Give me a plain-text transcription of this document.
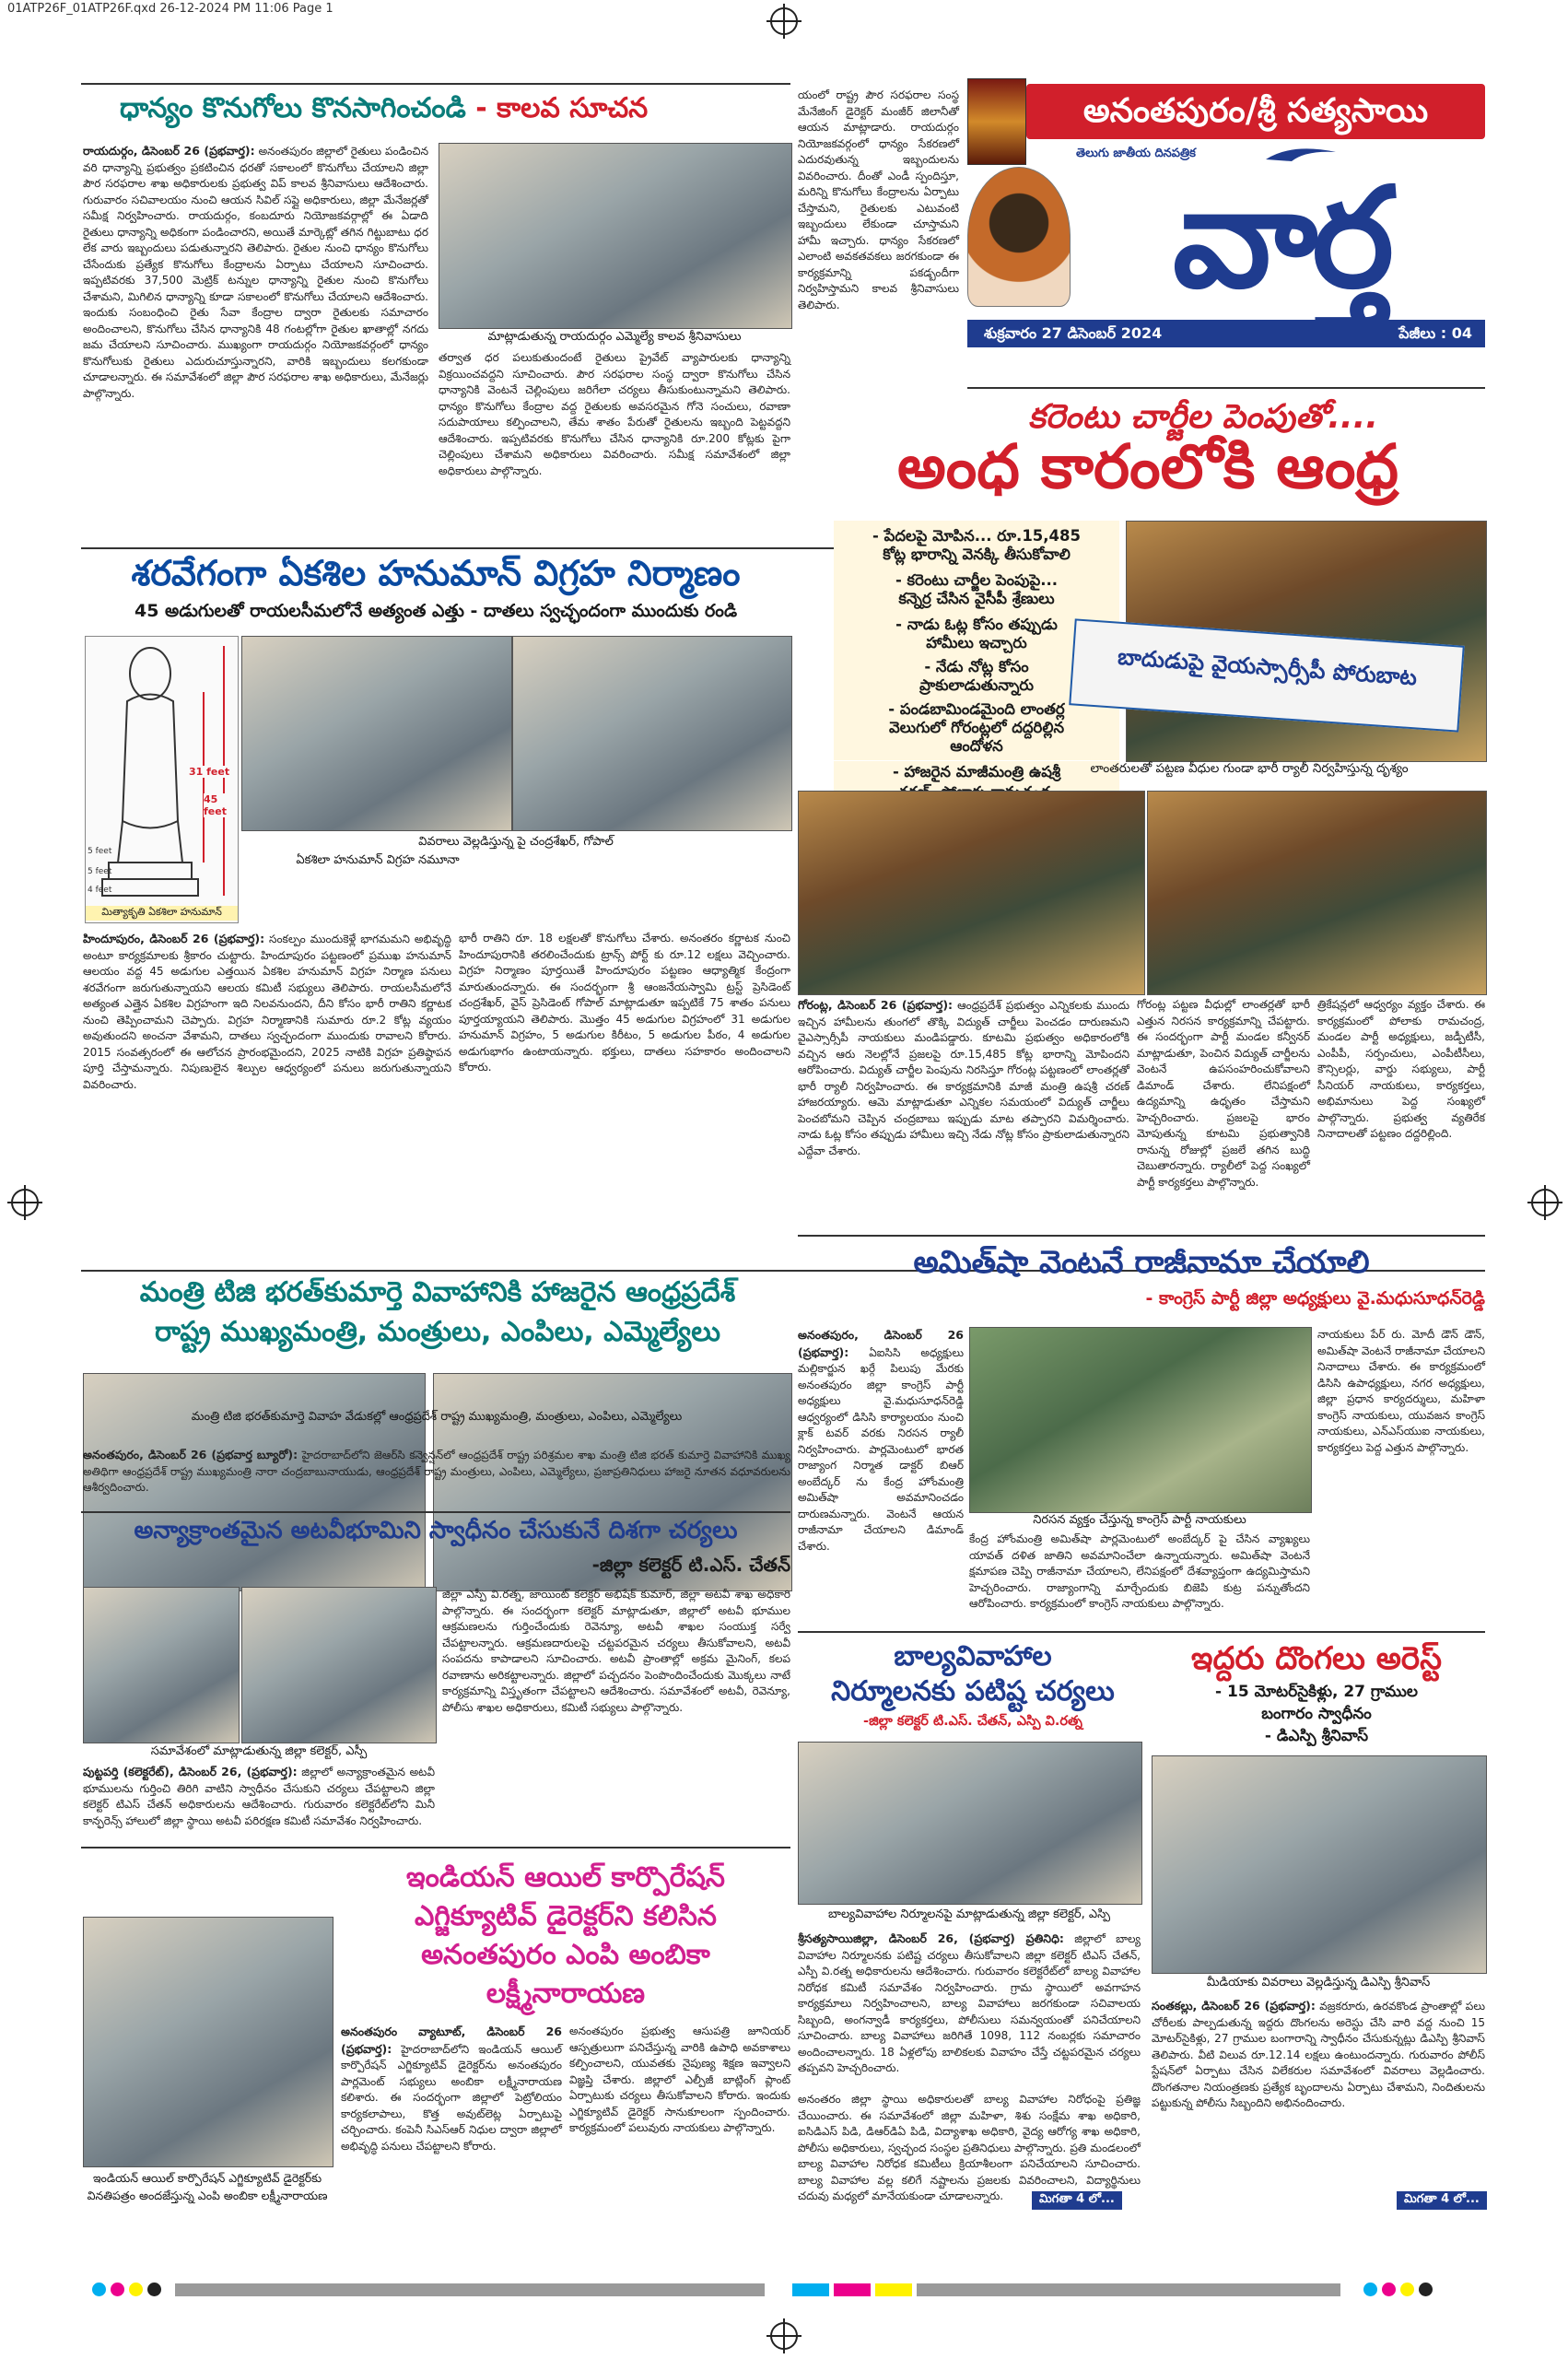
01ATP26F_01ATP26F.qxd 26-12-2024 PM 11:06 Page 1
అనంతపురం/శ్రీ సత్యసాయి
తెలుగు జాతీయ దినపత్రిక
వార్త
శుక్రవారం 27 డిసెంబర్ 2024	పేజీలు : 04
ధాన్యం కొనుగోలు కొనసాగించండి - కాలవ సూచన
రాయదుర్గం, డిసెంబర్ 26 (ప్రభవార్త): అనంతపురం జిల్లాలో రైతులు పండించిన వరి ధాన్యాన్ని ప్రభుత్వం ప్రకటించిన ధరతో సకాలంలో కొనుగోలు చేయాలని జిల్లా పౌర సరఫరాల శాఖ అధికారులకు ప్రభుత్వ విప్ కాలవ శ్రీనివాసులు ఆదేశించారు. గురువారం సచివాలయం నుంచి ఆయన సివిల్ సప్లై అధికారులు, జిల్లా మేనేజర్లతో సమీక్ష నిర్వహించారు. రాయదుర్గం, కంబదూరు నియోజకవర్గాల్లో ఈ ఏడాది రైతులు ధాన్యాన్ని అధికంగా పండించారని, అయితే మార్కెట్లో తగిన గిట్టుబాటు ధర లేక వారు ఇబ్బందులు పడుతున్నారని తెలిపారు. రైతుల నుంచి ధాన్యం కొనుగోలు చేసేందుకు ప్రత్యేక కొనుగోలు కేంద్రాలను ఏర్పాటు చేయాలని సూచించారు. ఇప్పటివరకు 37,500 మెట్రిక్ టన్నుల ధాన్యాన్ని రైతుల నుంచి కొనుగోలు చేశామని, మిగిలిన ధాన్యాన్ని కూడా సకాలంలో కొనుగోలు చేయాలని ఆదేశించారు. ఇందుకు సంబంధించి రైతు సేవా కేంద్రాల ద్వారా రైతులకు సమాచారం అందించాలని, కొనుగోలు చేసిన ధాన్యానికి 48 గంటల్లోగా రైతుల ఖాతాల్లో నగదు జమ చేయాలని సూచించారు. ముఖ్యంగా రాయదుర్గం నియోజకవర్గంలో ధాన్యం కొనుగోలుకు రైతులు ఎదురుచూస్తున్నారని, వారికి ఇబ్బందులు కలగకుండా చూడాలన్నారు. ఈ సమావేశంలో జిల్లా పౌర సరఫరాల శాఖ అధికారులు, మేనేజర్లు పాల్గొన్నారు.
మాట్లాడుతున్న రాయదుర్గం ఎమ్మెల్యే కాలవ శ్రీనివాసులు
తర్వాత ధర పలుకుతుందంటే రైతులు ప్రైవేట్ వ్యాపారులకు ధాన్యాన్ని విక్రయించవద్దని సూచించారు. పౌర సరఫరాల సంస్థ ద్వారా కొనుగోలు చేసిన ధాన్యానికి వెంటనే చెల్లింపులు జరిగేలా చర్యలు తీసుకుంటున్నామని తెలిపారు. ధాన్యం కొనుగోలు కేంద్రాల వద్ద రైతులకు అవసరమైన గోనె సంచులు, రవాణా సదుపాయాలు కల్పించాలని, తేమ శాతం పేరుతో రైతులను ఇబ్బంది పెట్టవద్దని ఆదేశించారు. ఇప్పటివరకు కొనుగోలు చేసిన ధాన్యానికి రూ.200 కోట్లకు పైగా చెల్లింపులు చేశామని అధికారులు వివరించారు. సమీక్ష సమావేశంలో జిల్లా అధికారులు పాల్గొన్నారు.
యంలో రాష్ట్ర పౌర సరఫరాల సంస్థ మేనేజింగ్ డైరెక్టర్ మంజీర్ జిలానీతో ఆయన మాట్లాడారు. రాయదుర్గం నియోజకవర్గంలో ధాన్యం సేకరణలో ఎదురవుతున్న ఇబ్బందులను వివరించారు. దీంతో ఎండీ స్పందిస్తూ, మరిన్ని కొనుగోలు కేంద్రాలను ఏర్పాటు చేస్తామని, రైతులకు ఎటువంటి ఇబ్బందులు లేకుండా చూస్తామని హామీ ఇచ్చారు. ధాన్యం సేకరణలో ఎలాంటి అవకతవకలు జరగకుండా ఈ కార్యక్రమాన్ని పకడ్బందీగా నిర్వహిస్తామని కాలవ శ్రీనివాసులు తెలిపారు.
కరెంటు చార్జీల పెంపుతో....
అంధ కారంలోకి ఆంధ్ర
- పేదలపై మోపిన... రూ.15,485
కోట్ల భారాన్ని వెనక్కి తీసుకోవాలి
- కరెంటు చార్జీల పెంపుపై...
కన్నెర్ర చేసిన వైసీపీ శ్రేణులు
- నాడు ఓట్ల కోసం తప్పుడు
హామీలు ఇచ్చారు
- నేడు నోట్ల కోసం
ప్రాకులాడుతున్నారు
- పండబామిండమైంది లాంతర్ల
వెలుగులో గోరంట్లలో దద్దరిల్లిన
ఆందోళన
- హాజరైన మాజీమంత్రి ఉషశ్రీ
బాదుడుపై వైయస్సార్సీపీ పోరుబాట
లాంతరులతో పట్టణ వీధుల గుండా భారీ ర్యాలీ నిర్వహిస్తున్న దృశ్యం
గోరంట్ల, డిసెంబర్ 26 (ప్రభవార్త): ఆంధ్రప్రదేశ్ ప్రభుత్వం ఎన్నికలకు ముందు ఇచ్చిన హామీలను తుంగలో తొక్కి విద్యుత్ చార్జీలు పెంచడం దారుణమని వైఎస్సార్సీపీ నాయకులు మండిపడ్డారు. కూటమి ప్రభుత్వం అధికారంలోకి వచ్చిన ఆరు నెలల్లోనే ప్రజలపై రూ.15,485 కోట్ల భారాన్ని మోపిందని ఆరోపించారు. విద్యుత్ చార్జీల పెంపును నిరసిస్తూ గోరంట్ల పట్టణంలో లాంతర్లతో భారీ ర్యాలీ నిర్వహించారు. ఈ కార్యక్రమానికి మాజీ మంత్రి ఉషశ్రీ చరణ్ హాజరయ్యారు. ఆమె మాట్లాడుతూ ఎన్నికల సమయంలో విద్యుత్ చార్జీలు పెంచబోమని చెప్పిన చంద్రబాబు ఇప్పుడు మాట తప్పారని విమర్శించారు. నాడు ఓట్ల కోసం తప్పుడు హామీలు ఇచ్చి నేడు నోట్ల కోసం ప్రాకులాడుతున్నారని ఎద్దేవా చేశారు.
గోరంట్ల పట్టణ వీధుల్లో లాంతర్లతో భారీ ఎత్తున నిరసన కార్యక్రమాన్ని చేపట్టారు. ఈ సందర్భంగా పార్టీ మండల కన్వీనర్ మాట్లాడుతూ, పెంచిన విద్యుత్ చార్జీలను వెంటనే ఉపసంహరించుకోవాలని డిమాండ్ చేశారు. లేనిపక్షంలో ఉద్యమాన్ని ఉధృతం చేస్తామని హెచ్చరించారు. ప్రజలపై భారం మోపుతున్న కూటమి ప్రభుత్వానికి రానున్న రోజుల్లో ప్రజలే తగిన బుద్ధి చెబుతారన్నారు. ర్యాలీలో పెద్ద సంఖ్యలో పార్టీ కార్యకర్తలు పాల్గొన్నారు.
త్రికేషన్లలో ఆధ్వర్యం వ్యక్తం చేశారు. ఈ కార్యక్రమంలో పోలాకు రామచంద్ర, మండల పార్టీ అధ్యక్షులు, జడ్పీటీసీ, ఎంపీపీ, సర్పంచులు, ఎంపీటీసీలు, కౌన్సిలర్లు, వార్డు సభ్యులు, పార్టీ సీనియర్ నాయకులు, కార్యకర్తలు, అభిమానులు పెద్ద సంఖ్యలో పాల్గొన్నారు. ప్రభుత్వ వ్యతిరేక నినాదాలతో పట్టణం దద్దరిల్లింది.
శరవేగంగా ఏకశిల హనుమాన్ విగ్రహ నిర్మాణం
45 అడుగులతో రాయలసీమలోనే అత్యంత ఎత్తు - దాతలు స్వచ్ఛందంగా ముందుకు రండి
31 feet
45 feet
5 feet
5 feet
4 feet
మిత్యాకృతి ఏకశిలా హనుమాన్
వివరాలు వెల్లడిస్తున్న పై చంద్రశేఖర్, గోపాల్
ఏకశిలా హనుమాన్ విగ్రహ నమూనా
హిందూపురం, డిసెంబర్ 26 (ప్రభవార్త): సంకల్పం ముందుకెళ్లే భాగమమని అభివృద్ధి అంటూ కార్యక్రమాలకు శ్రీకారం చుట్టారు. హిందూపురం పట్టణంలో ప్రముఖ హనుమాన్ ఆలయం వద్ద 45 అడుగుల ఎత్తయిన ఏకశిల హనుమాన్ విగ్రహ నిర్మాణ పనులు శరవేగంగా జరుగుతున్నాయని ఆలయ కమిటీ సభ్యులు తెలిపారు. రాయలసీమలోనే అత్యంత ఎత్తైన ఏకశిల విగ్రహంగా ఇది నిలవనుందని, దీని కోసం భారీ రాతిని కర్ణాటక నుంచి తెప్పించామని చెప్పారు. విగ్రహ నిర్మాణానికి సుమారు రూ.2 కోట్ల వ్యయం అవుతుందని అంచనా వేశామని, దాతలు స్వచ్ఛందంగా ముందుకు రావాలని కోరారు. 2015 సంవత్సరంలో ఈ ఆలోచన ప్రారంభమైందని, 2025 నాటికి విగ్రహ ప్రతిష్ఠాపన పూర్తి చేస్తామన్నారు. నిపుణులైన శిల్పుల ఆధ్వర్యంలో పనులు జరుగుతున్నాయని వివరించారు.
భారీ రాతిని రూ. 18 లక్షలతో కొనుగోలు చేశారు. అనంతరం కర్ణాటక నుంచి హిందూపురానికి తరలించేందుకు ట్రాన్స్ పోర్ట్ కు రూ.12 లక్షలు వెచ్చించారు. విగ్రహ నిర్మాణం పూర్తయితే హిందూపురం పట్టణం ఆధ్యాత్మిక కేంద్రంగా మారుతుందన్నారు. ఈ సందర్భంగా శ్రీ ఆంజనేయస్వామి ట్రస్ట్ ప్రెసిడెంట్ చంద్రశేఖర్, వైస్ ప్రెసిడెంట్ గోపాల్ మాట్లాడుతూ ఇప్పటికే 75 శాతం పనులు పూర్తయ్యాయని తెలిపారు. మొత్తం 45 అడుగుల విగ్రహంలో 31 అడుగుల హనుమాన్ విగ్రహం, 5 అడుగుల కిరీటం, 5 అడుగుల పీఠం, 4 అడుగుల అడుగుభాగం ఉంటాయన్నారు. భక్తులు, దాతలు సహకారం అందించాలని కోరారు.
మంత్రి టిజి భరత్‌కుమార్తె వివాహానికి హాజరైన ఆంధ్రప్రదేశ్
రాష్ట్ర ముఖ్యమంత్రి, మంత్రులు, ఎంపిలు, ఎమ్మెల్యేలు
మంత్రి టిజి భరత్‌కుమార్తె వివాహ వేడుకల్లో ఆంధ్రప్రదేశ్ రాష్ట్ర ముఖ్యమంత్రి, మంత్రులు, ఎంపిలు, ఎమ్మెల్యేలు
అనంతపురం, డిసెంబర్ 26 (ప్రభవార్త బ్యూరో): హైదరాబాద్‌లోని జెఆర్‌సి కన్వెన్షన్‌లో ఆంధ్రప్రదేశ్ రాష్ట్ర పరిశ్రమల శాఖ మంత్రి టిజి భరత్ కుమార్తె వివాహానికి ముఖ్య అతిథిగా ఆంధ్రప్రదేశ్ రాష్ట్ర ముఖ్యమంత్రి నారా చంద్రబాబునాయుడు, ఆంధ్రప్రదేశ్ రాష్ట్ర మంత్రులు, ఎంపిలు, ఎమ్మెల్యేలు, ప్రజాప్రతినిధులు హాజరై నూతన వధూవరులను ఆశీర్వదించారు.
అమిత్‌షా వెంటనే రాజీనామా చేయాలి
- కాంగ్రెస్ పార్టీ జిల్లా అధ్యక్షులు వై.మధుసూధన్‌రెడ్డి
అనంతపురం, డిసెంబర్ 26 (ప్రభవార్త): ఏఐసిసి అధ్యక్షులు మల్లికార్జున ఖర్గే పిలుపు మేరకు అనంతపురం జిల్లా కాంగ్రెస్ పార్టీ అధ్యక్షులు వై.మధుసూధన్‌రెడ్డి ఆధ్వర్యంలో డిసిసి కార్యాలయం నుంచి క్లాక్ టవర్ వరకు నిరసన ర్యాలీ నిర్వహించారు. పార్లమెంటులో భారత రాజ్యాంగ నిర్మాత డాక్టర్ బిఆర్ అంబేద్కర్ ను కేంద్ర హోంమంత్రి అమిత్‌షా అవమానించడం దారుణమన్నారు. వెంటనే ఆయన రాజీనామా చేయాలని డిమాండ్ చేశారు.
నిరసన వ్యక్తం చేస్తున్న కాంగ్రెస్ పార్టీ నాయకులు
కేంద్ర హోంమంత్రి అమిత్‌షా పార్లమెంటులో అంబేద్కర్ పై చేసిన వ్యాఖ్యలు యావత్ దళిత జాతిని అవమానించేలా ఉన్నాయన్నారు. అమిత్‌షా వెంటనే క్షమాపణ చెప్పి రాజీనామా చేయాలని, లేనిపక్షంలో దేశవ్యాప్తంగా ఉద్యమిస్తామని హెచ్చరించారు. రాజ్యాంగాన్ని మార్చేందుకు బిజెపి కుట్ర పన్నుతోందని ఆరోపించారు. కార్యక్రమంలో కాంగ్రెస్ నాయకులు పాల్గొన్నారు.
నాయకులు పేర్ రు. మోదీ డౌన్ డౌన్, అమిత్‌షా వెంటనే రాజీనామా చేయాలని నినాదాలు చేశారు. ఈ కార్యక్రమంలో డిసిసి ఉపాధ్యక్షులు, నగర అధ్యక్షులు, జిల్లా ప్రధాన కార్యదర్శులు, మహిళా కాంగ్రెస్ నాయకులు, యువజన కాంగ్రెస్ నాయకులు, ఎన్ఎస్‌యుఐ నాయకులు, కార్యకర్తలు పెద్ద ఎత్తున పాల్గొన్నారు.
అన్యాక్రాంతమైన అటవీభూమిని స్వాధీనం చేసుకునే దిశగా చర్యలు
-జిల్లా కలెక్టర్ టి.ఎస్. చేతన్
సమావేశంలో మాట్లాడుతున్న జిల్లా కలెక్టర్, ఎస్పీ
పుట్టపర్తి (కలెక్టరేట్), డిసెంబర్ 26, (ప్రభవార్త): జిల్లాలో అన్యాక్రాంతమైన అటవీ భూములను గుర్తించి తిరిగి వాటిని స్వాధీనం చేసుకుని చర్యలు చేపట్టాలని జిల్లా కలెక్టర్ టిఎస్ చేతన్ అధికారులను ఆదేశించారు. గురువారం కలెక్టరేట్‌లోని మినీ కాన్ఫరెన్స్ హాలులో జిల్లా స్థాయి అటవీ పరిరక్షణ కమిటీ సమావేశం నిర్వహించారు.
జిల్లా ఎస్పీ వి.రత్న, జాయింట్ కలెక్టర్ అభిషేక్ కుమార్, జిల్లా అటవీ శాఖ అధికారి పాల్గొన్నారు. ఈ సందర్భంగా కలెక్టర్ మాట్లాడుతూ, జిల్లాలో అటవీ భూముల ఆక్రమణలను గుర్తించేందుకు రెవెన్యూ, అటవీ శాఖల సంయుక్త సర్వే చేపట్టాలన్నారు. ఆక్రమణదారులపై చట్టపరమైన చర్యలు తీసుకోవాలని, అటవీ సంపదను కాపాడాలని సూచించారు. అటవీ ప్రాంతాల్లో అక్రమ మైనింగ్, కలప రవాణాను అరికట్టాలన్నారు. జిల్లాలో పచ్చదనం పెంపొందించేందుకు మొక్కలు నాటే కార్యక్రమాన్ని విస్తృతంగా చేపట్టాలని ఆదేశించారు. సమావేశంలో అటవీ, రెవెన్యూ, పోలీసు శాఖల అధికారులు, కమిటీ సభ్యులు పాల్గొన్నారు.
బాల్యవివాహాల
నిర్మూలనకు పటిష్ట చర్యలు
-జిల్లా కలెక్టర్ టి.ఎస్. చేతన్, ఎస్పి వి.రత్న
బాల్యవివాహాల నిర్మూలనపై మాట్లాడుతున్న జిల్లా కలెక్టర్, ఎస్పి
శ్రీసత్యసాయిజిల్లా, డిసెంబర్ 26, (ప్రభవార్త) ప్రతినిధి: జిల్లాలో బాల్య వివాహాల నిర్మూలనకు పటిష్ట చర్యలు తీసుకోవాలని జిల్లా కలెక్టర్ టిఎస్ చేతన్, ఎస్పీ వి.రత్న అధికారులను ఆదేశించారు. గురువారం కలెక్టరేట్‌లో బాల్య వివాహాల నిరోధక కమిటీ సమావేశం నిర్వహించారు. గ్రామ స్థాయిలో అవగాహన కార్యక్రమాలు నిర్వహించాలని, బాల్య వివాహాలు జరగకుండా సచివాలయ సిబ్బంది, అంగన్వాడీ కార్యకర్తలు, పోలీసులు సమన్వయంతో పనిచేయాలని సూచించారు. బాల్య వివాహాలు జరిగితే 1098, 112 నంబర్లకు సమాచారం అందించాలన్నారు. 18 ఏళ్లలోపు బాలికలకు వివాహం చేస్తే చట్టపరమైన చర్యలు తప్పవని హెచ్చరించారు.
అనంతరం జిల్లా స్థాయి అధికారులతో బాల్య వివాహాల నిరోధంపై ప్రతిజ్ఞ చేయించారు. ఈ సమావేశంలో జిల్లా మహిళా, శిశు సంక్షేమ శాఖ అధికారి, ఐసిడిఎస్ పిడి, డిఆర్‌డిఏ పిడి, విద్యాశాఖ అధికారి, వైద్య ఆరోగ్య శాఖ అధికారి, పోలీసు అధికారులు, స్వచ్ఛంద సంస్థల ప్రతినిధులు పాల్గొన్నారు. ప్రతి మండలంలో బాల్య వివాహాల నిరోధక కమిటీలు క్రియాశీలంగా పనిచేయాలని సూచించారు. బాల్య వివాహాల వల్ల కలిగే నష్టాలను ప్రజలకు వివరించాలని, విద్యార్థినులు చదువు మధ్యలో మానేయకుండా చూడాలన్నారు.	మిగతా 4 లో...
ఇద్దరు దొంగలు అరెస్ట్
- 15 మోటర్‌సైకిళ్లు, 27 గ్రాముల
బంగారం స్వాధీనం
- డిఎస్పి శ్రీనివాస్
మీడియాకు వివరాలు వెల్లడిస్తున్న డిఎస్పి శ్రీనివాస్
సంతకల్లు, డిసెంబర్ 26 (ప్రభవార్త): వజ్రకరూరు, ఉరవకొండ ప్రాంతాల్లో పలు చోరీలకు పాల్పడుతున్న ఇద్దరు దొంగలను అరెస్టు చేసి వారి వద్ద నుంచి 15 మోటర్‌సైకిళ్లు, 27 గ్రాముల బంగారాన్ని స్వాధీనం చేసుకున్నట్లు డిఎస్పి శ్రీనివాస్ తెలిపారు. వీటి విలువ రూ.12.14 లక్షలు ఉంటుందన్నారు. గురువారం పోలీస్ స్టేషన్‌లో ఏర్పాటు చేసిన విలేకరుల సమావేశంలో వివరాలు వెల్లడించారు. దొంగతనాల నియంత్రణకు ప్రత్యేక బృందాలను ఏర్పాటు చేశామని, నిందితులను పట్టుకున్న పోలీసు సిబ్బందిని అభినందించారు.
మిగతా 4 లో...
ఇండియన్ ఆయిల్ కార్పొరేషన్ ఎగ్జిక్యూటివ్ డైరెక్టర్‌కు వినతిపత్రం అందజేస్తున్న ఎంపి అంబికా లక్ష్మీనారాయణ
ఇండియన్ ఆయిల్ కార్పొరేషన్
ఎగ్జిక్యూటివ్ డైరెక్టర్‌ని కలిసిన
అనంతపురం ఎంపి అంబికా
లక్ష్మీనారాయణ
అనంతపురం వ్యాటూట్, డిసెంబర్ 26 (ప్రభవార్త): హైదరాబాద్‌లోని ఇండియన్ ఆయిల్ కార్పొరేషన్ ఎగ్జిక్యూటివ్ డైరెక్టర్‌ను అనంతపురం పార్లమెంట్ సభ్యులు అంబికా లక్ష్మీనారాయణ కలిశారు. ఈ సందర్భంగా జిల్లాలో పెట్రోలియం కార్యకలాపాలు, కొత్త అవుట్‌లెట్ల ఏర్పాటుపై చర్చించారు. కంపెనీ సిఎస్ఆర్ నిధుల ద్వారా జిల్లాలో అభివృద్ధి పనులు చేపట్టాలని కోరారు.
అనంతపురం ప్రభుత్వ ఆసుపత్రి జూనియర్ ఆస్పత్రులుగా పనిచేస్తున్న వారికి ఉపాధి అవకాశాలు కల్పించాలని, యువతకు నైపుణ్య శిక్షణ ఇవ్వాలని విజ్ఞప్తి చేశారు. జిల్లాలో ఎల్పీజీ బాట్లింగ్ ప్లాంట్ ఏర్పాటుకు చర్యలు తీసుకోవాలని కోరారు. ఇందుకు ఎగ్జిక్యూటివ్ డైరెక్టర్ సానుకూలంగా స్పందించారు. కార్యక్రమంలో పలువురు నాయకులు పాల్గొన్నారు.
